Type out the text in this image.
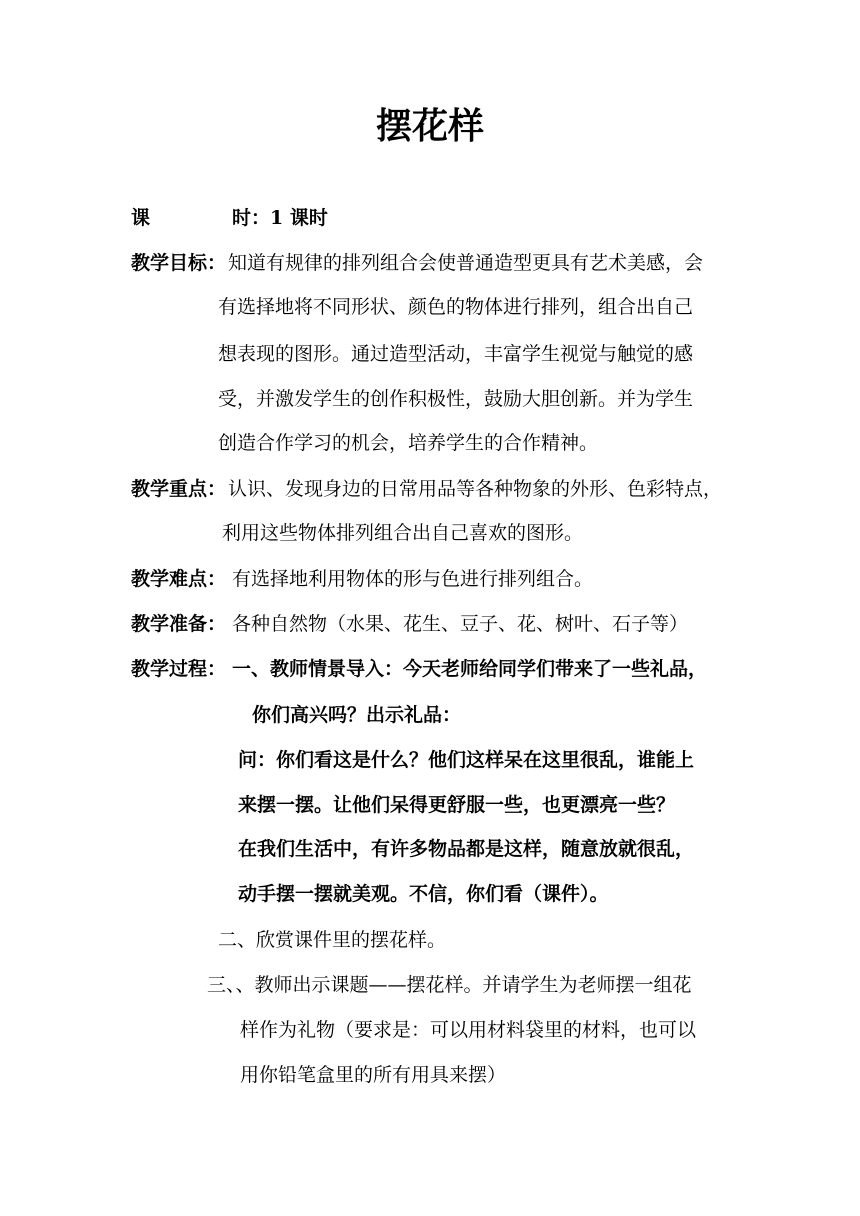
摆花样
课	时： 1 课时
教学目标： 知道有规律的排列组合会使普通造型更具有艺术美感，会
有选择地将不同形状、颜色的物体进行排列，组合出自己
想表现的图形。通过造型活动，丰富学生视觉与触觉的感
受，并激发学生的创作积极性，鼓励大胆创新。并为学生
创造合作学习的机会，培养学生的合作精神。
教学重点： 认识、发现身边的日常用品等各种物象的外形、色彩特点，
利用这些物体排列组合出自己喜欢的图形。
教学难点： 有选择地利用物体的形与色进行排列组合。
教学准备： 各种自然物（水果、花生、豆子、花、树叶、石子等）
教学过程： 一、教师情景导入：今天老师给同学们带来了一些礼品，
你们高兴吗？出示礼品：
问：你们看这是什么？他们这样呆在这里很乱，谁能上
来摆一摆。让他们呆得更舒服一些，也更漂亮一些？
在我们生活中，有许多物品都是这样，随意放就很乱，
动手摆一摆就美观。不信，你们看（课件）。
二、欣赏课件里的摆花样。
三、、教师出示课题——摆花样。并请学生为老师摆一组花
样作为礼物（要求是：可以用材料袋里的材料，也可以
用你铅笔盒里的所有用具来摆）
